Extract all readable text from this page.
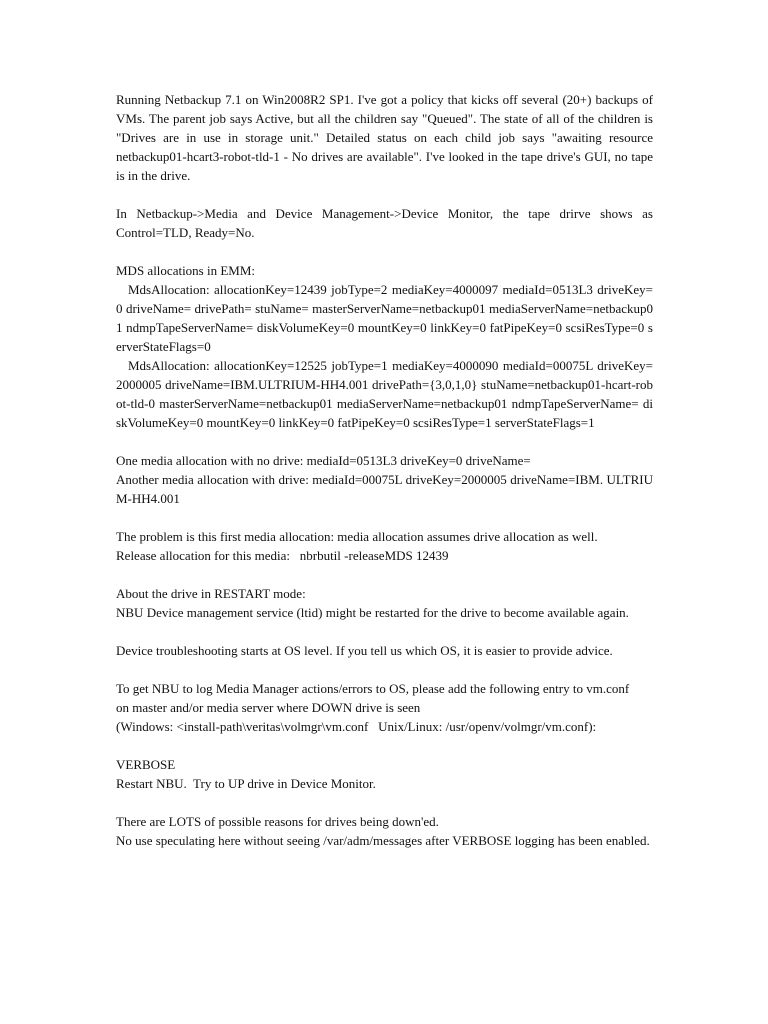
Running Netbackup 7.1 on Win2008R2 SP1. I've got a policy that kicks off several (20+) backups of VMs. The parent job says Active, but all the children say "Queued". The state of all of the children is "Drives are in use in storage unit." Detailed status on each child job says "awaiting resource netbackup01-hcart3-robot-tld-1 - No drives are available". I've looked in the tape drive's GUI, no tape is in the drive.

In Netbackup->Media and Device Management->Device Monitor, the tape drirve shows as Control=TLD, Ready=No.

MDS allocations in EMM:
MdsAllocation: allocationKey=12439 jobType=2 mediaKey=4000097 mediaId=0513L3 driveKey=0 driveName= drivePath= stuName= masterServerName=netbackup01 mediaServerName=netbackup01 ndmpTapeServerName= diskVolumeKey=0 mountKey=0 linkKey=0 fatPipeKey=0 scsiResType=0 serverStateFlags=0
MdsAllocation: allocationKey=12525 jobType=1 mediaKey=4000090 mediaId=00075L driveKey=2000005 driveName=IBM.ULTRIUM-HH4.001 drivePath={3,0,1,0} stuName=netbackup01-hcart-robot-tld-0 masterServerName=netbackup01 mediaServerName=netbackup01 ndmpTapeServerName= diskVolumeKey=0 mountKey=0 linkKey=0 fatPipeKey=0 scsiResType=1 serverStateFlags=1
One media allocation with no drive: mediaId=0513L3 driveKey=0 driveName=
Another media allocation with drive: mediaId=00075L driveKey=2000005 driveName=IBM. ULTRIUM-HH4.001
The problem is this first media allocation: media allocation assumes drive allocation as well.
Release allocation for this media:   nbrbutil -releaseMDS 12439
About the drive in RESTART mode:
NBU Device management service (ltid) might be restarted for the drive to become available again.

Device troubleshooting starts at OS level. If you tell us which OS, it is easier to provide advice.

To get NBU to log Media Manager actions/errors to OS, please add the following entry to vm.conf
on master and/or media server where DOWN drive is seen
(Windows: <install-path\veritas\volmgr\vm.conf   Unix/Linux: /usr/openv/volmgr/vm.conf):
VERBOSE
Restart NBU.  Try to UP drive in Device Monitor.
There are LOTS of possible reasons for drives being down'ed.
No use speculating here without seeing /var/adm/messages after VERBOSE logging has been enabled.
